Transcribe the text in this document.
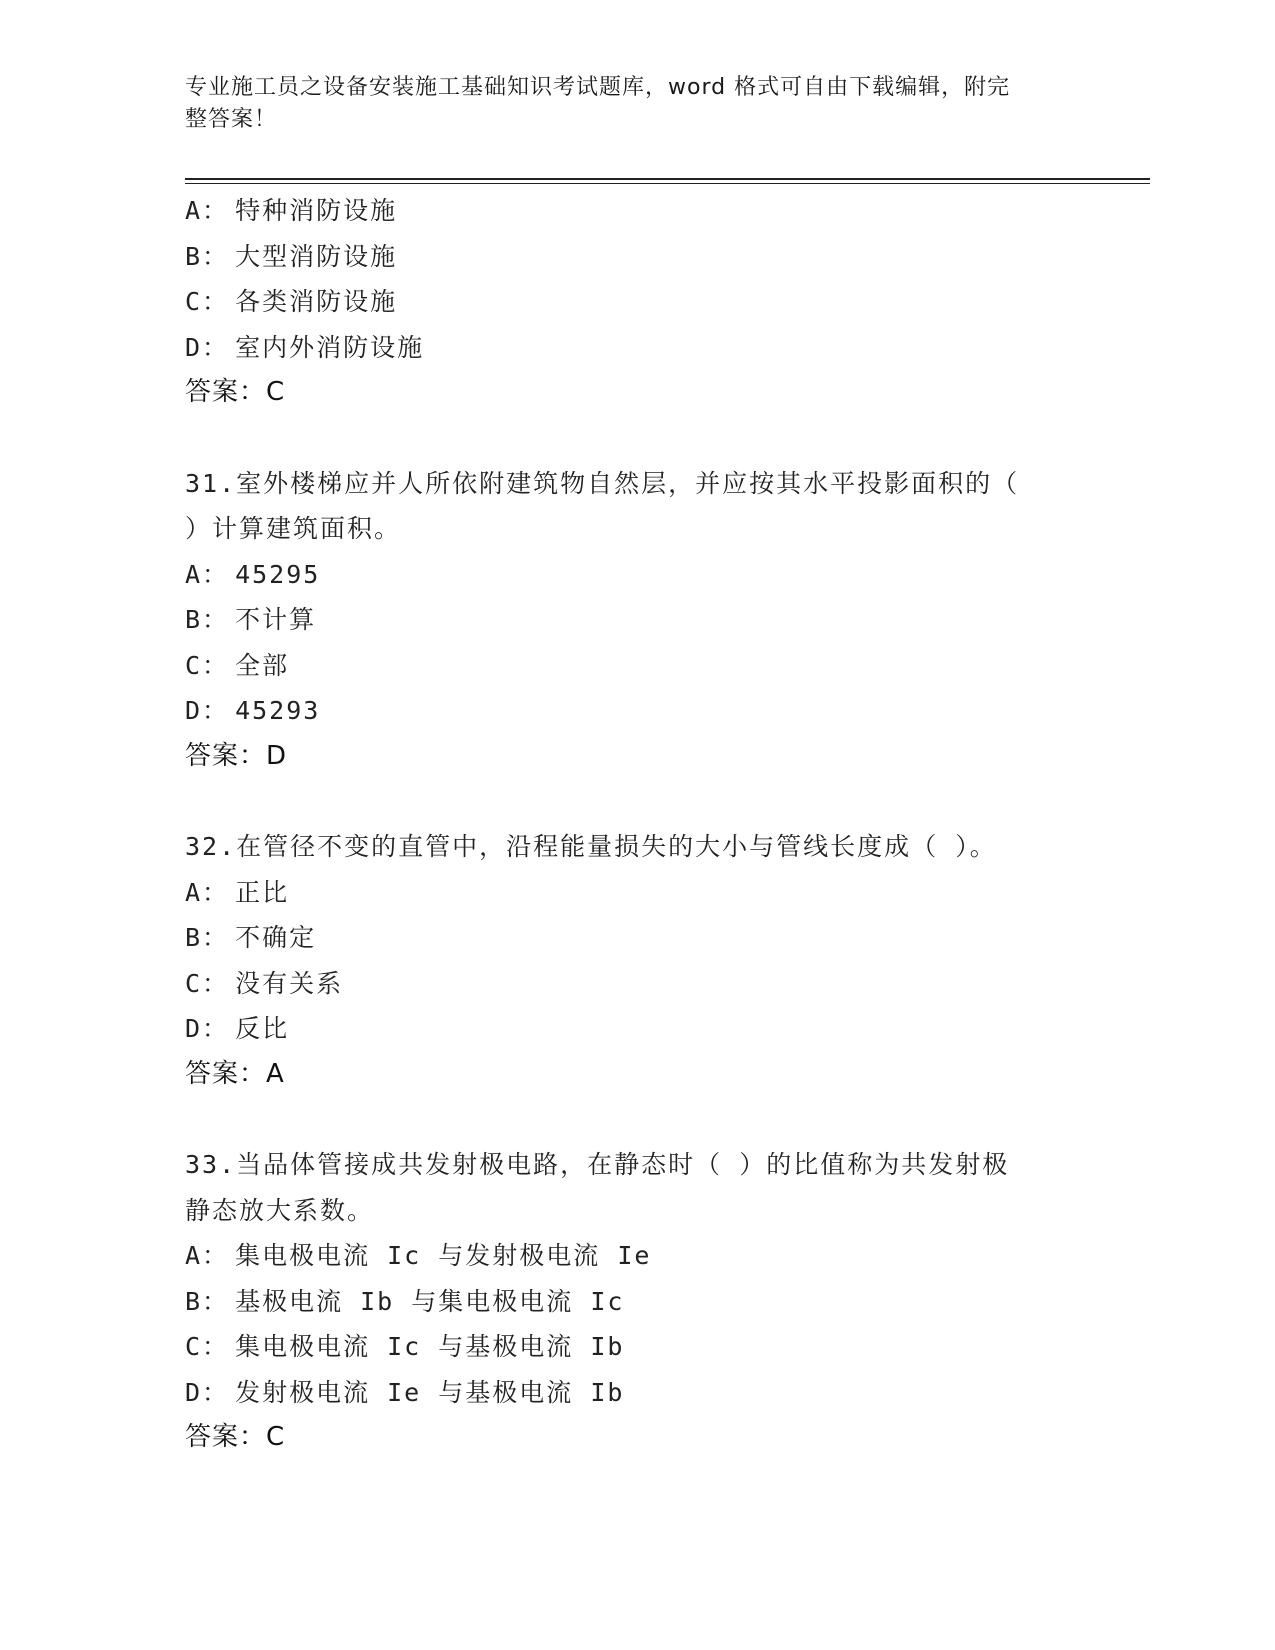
专业施工员之设备安装施工基础知识考试题库，word 格式可自由下载编辑，附完
整答案！
A： 特种消防设施
B： 大型消防设施
C： 各类消防设施
D： 室内外消防设施
答案：C
31.室外楼梯应并人所依附建筑物自然层，并应按其水平投影面积的（
）计算建筑面积。
A： 45295
B： 不计算
C： 全部
D： 45293
答案：D
32.在管径不变的直管中，沿程能量损失的大小与管线长度成（ ）。
A： 正比
B： 不确定
C： 没有关系
D： 反比
答案：A
33.当品体管接成共发射极电路，在静态时（ ）的比值称为共发射极
静态放大系数。
A： 集电极电流 Ic 与发射极电流 Ie
B： 基极电流 Ib 与集电极电流 Ic
C： 集电极电流 Ic 与基极电流 Ib
D： 发射极电流 Ie 与基极电流 Ib
答案：C
